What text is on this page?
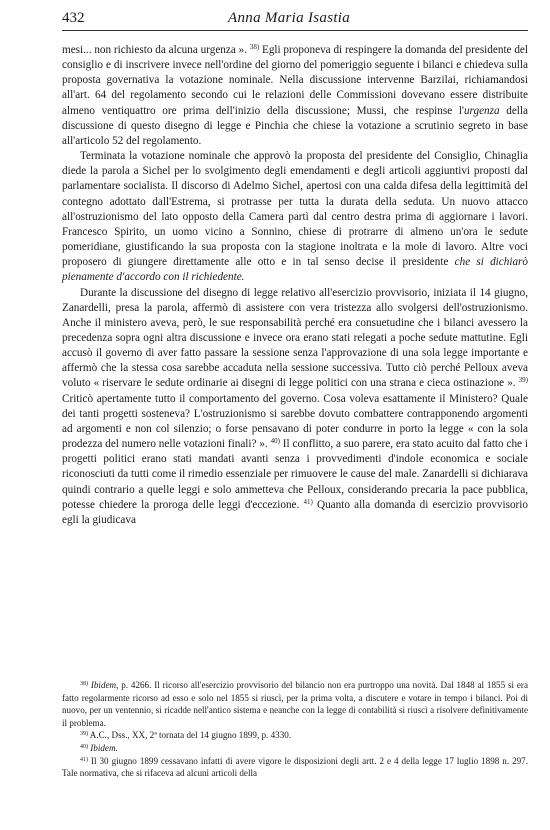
432	Anna Maria Isastia

mesi... non richiesto da alcuna urgenza ». $^{38)}$ Egli proponeva di respingere la domanda del presidente del consiglio e di inscrivere invece nell'ordine del giorno del pomeriggio seguente i bilanci e chiedeva sulla proposta governativa la votazione nominale. Nella discussione intervenne Barzilai, richiamandosi all'art. 64 del regolamento secondo cui le relazioni delle Commissioni dovevano essere distribuite almeno ventiquattro ore prima dell'inizio della discussione; Mussi, che respinse l'urgenza della discussione di questo disegno di legge e Pinchia che chiese la votazione a scrutinio segreto in base all'articolo 52 del regolamento.

Terminata la votazione nominale che approvò la proposta del presidente del Consiglio, Chinaglia diede la parola a Sichel per lo svolgimento degli emendamenti e degli articoli aggiuntivi proposti dal parlamentare socialista. Il discorso di Adelmo Sichel, apertosi con una calda difesa della legittimità del contegno adottato dall'Estrema, si protrasse per tutta la durata della seduta. Un nuovo attacco all'ostruzionismo del lato opposto della Camera partì dal centro destra prima di aggiornare i lavori. Francesco Spirito, un uomo vicino a Sonnino, chiese di protrarre di almeno un'ora le sedute pomeridiane, giustificando la sua proposta con la stagione inoltrata e la mole di lavoro. Altre voci proposero di giungere direttamente alle otto e in tal senso decise il presidente che si dichiarò pienamente d'accordo con il richiedente.

Durante la discussione del disegno di legge relativo all'esercizio provvisorio, iniziata il 14 giugno, Zanardelli, presa la parola, affermò di assistere con vera tristezza allo svolgersi dell'ostruzionismo. Anche il ministero aveva, però, le sue responsabilità perché era consuetudine che i bilanci avessero la precedenza sopra ogni altra discussione e invece ora erano stati relegati a poche sedute mattutine. Egli accusò il governo di aver fatto passare la sessione senza l'approvazione di una sola legge importante e affermò che la stessa cosa sarebbe accaduta nella sessione successiva. Tutto ciò perché Pelloux aveva voluto « riservare le sedute ordinarie ai disegni di legge politici con una strana e cieca ostinazione ». $^{39)}$ Criticò apertamente tutto il comportamento del governo. Cosa voleva esattamente il Ministero? Quale dei tanti progetti sosteneva? L'ostruzionismo si sarebbe dovuto combattere contrapponendo argomenti ad argomenti e non col silenzio; o forse pensavano di poter condurre in porto la legge « con la sola prodezza del numero nelle votazioni finali? ». $^{40)}$ Il conflitto, a suo parere, era stato acuito dal fatto che i progetti politici erano stati mandati avanti senza i provvedimenti d'indole economica e sociale riconosciuti da tutti come il rimedio essenziale per rimuovere le cause del male. Zanardelli si dichiarava quindi contrario a quelle leggi e solo ammetteva che Pelloux, considerando precaria la pace pubblica, potesse chiedere la proroga delle leggi d'eccezione. $^{41)}$ Quanto alla domanda di esercizio provvisorio egli la giudicava

$^{38)}$ Ibidem, p. 4266. Il ricorso all'esercizio provvisorio del bilancio non era purtroppo una novità. Dal 1848 al 1855 si era fatto regolarmente ricorso ad esso e solo nel 1855 si riuscì, per la prima volta, a discutere e votare in tempo i bilanci. Poi di nuovo, per un ventennio, si ricadde nell'antico sistema e neanche con la legge di contabilità si riuscì a risolvere definitivamente il problema.

$^{39)}$ A.C., Dss., XX, 2ª tornata del 14 giugno 1899, p. 4330.

$^{40)}$ Ibidem.

$^{41)}$ Il 30 giugno 1899 cessavano infatti di avere vigore le disposizioni degli artt. 2 e 4 della legge 17 luglio 1898 n. 297. Tale normativa, che si rifaceva ad alcuni articoli della
